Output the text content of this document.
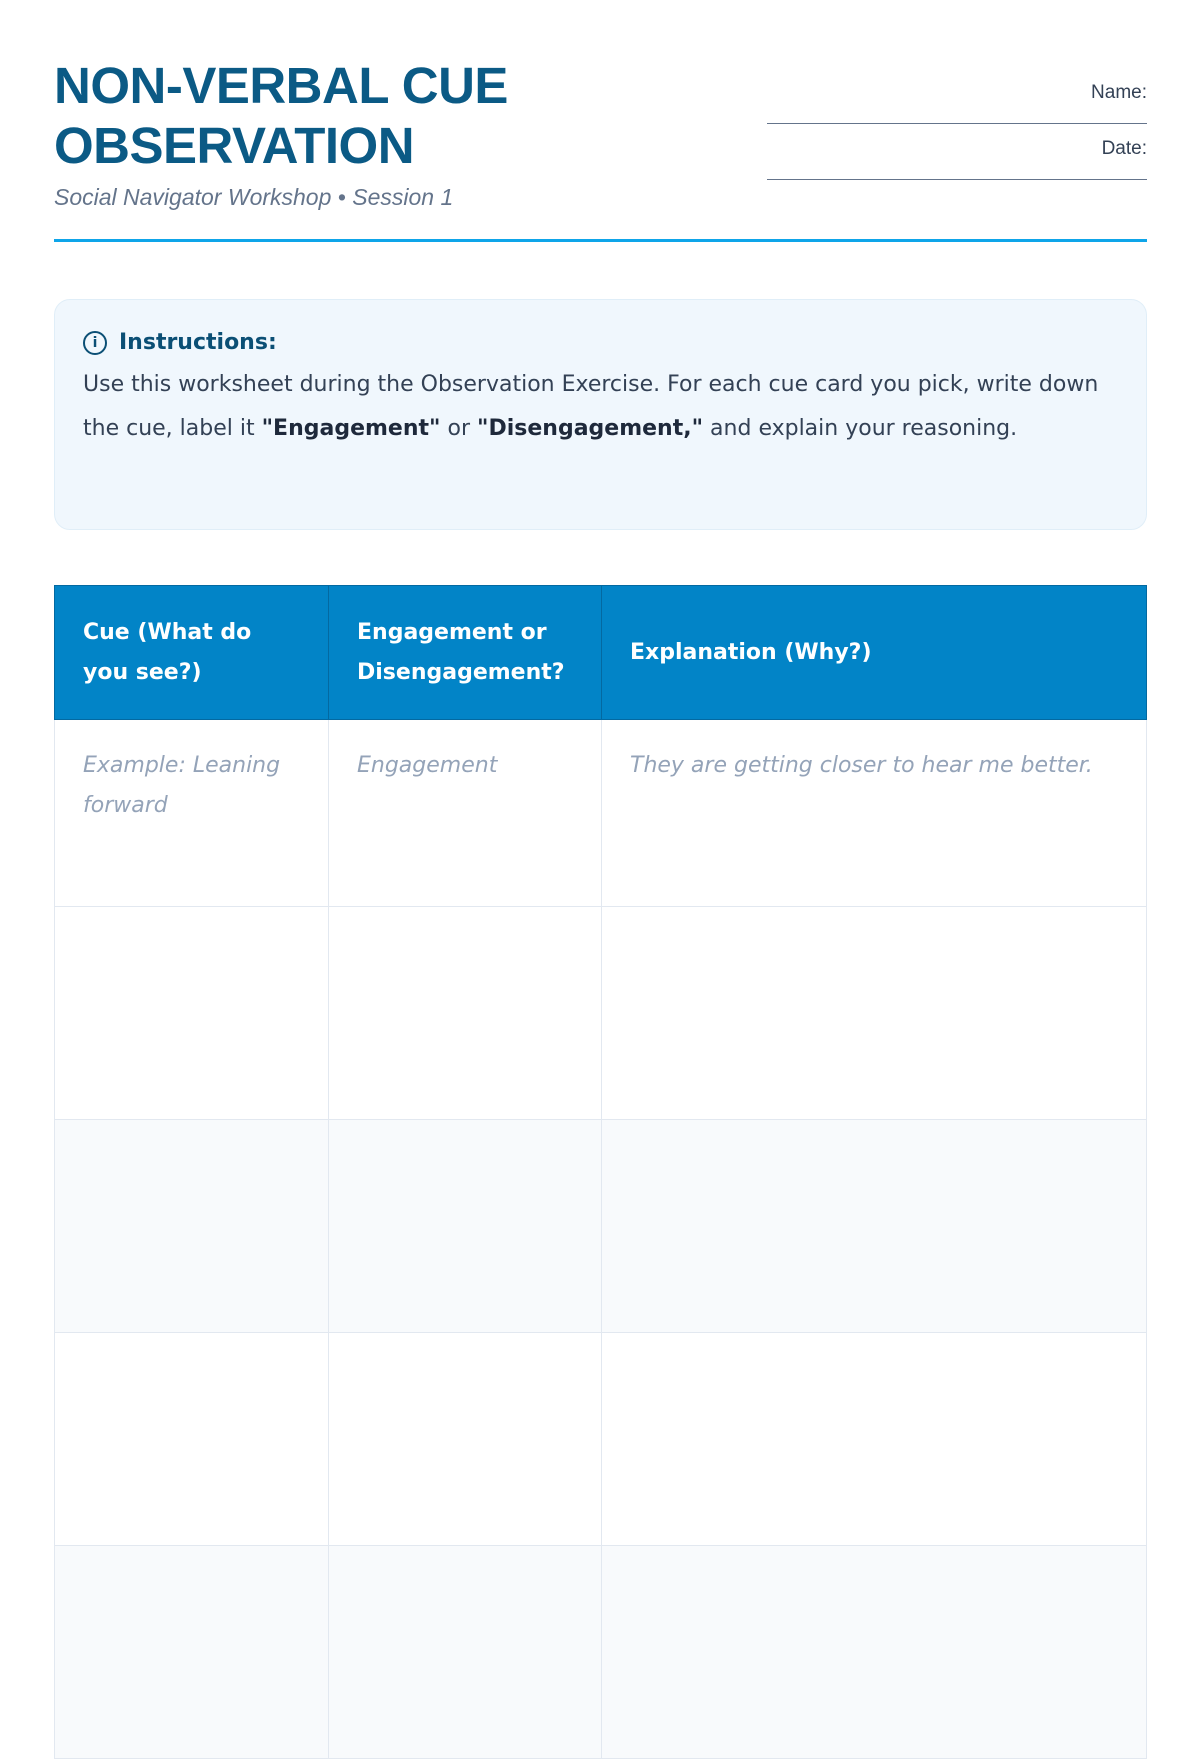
NON-VERBAL CUE OBSERVATION
Social Navigator Workshop • Session 1
Name:
Date:
i Instructions:

Use this worksheet during the Observation Exercise. For each cue card you pick, write down the cue, label it "Engagement" or "Disengagement," and explain your reasoning.

Cue (What do you see?)	Engagement or Disengagement?	Explanation (Why?)
Example: Leaning forward	Engagement	They are getting closer to hear me better.
